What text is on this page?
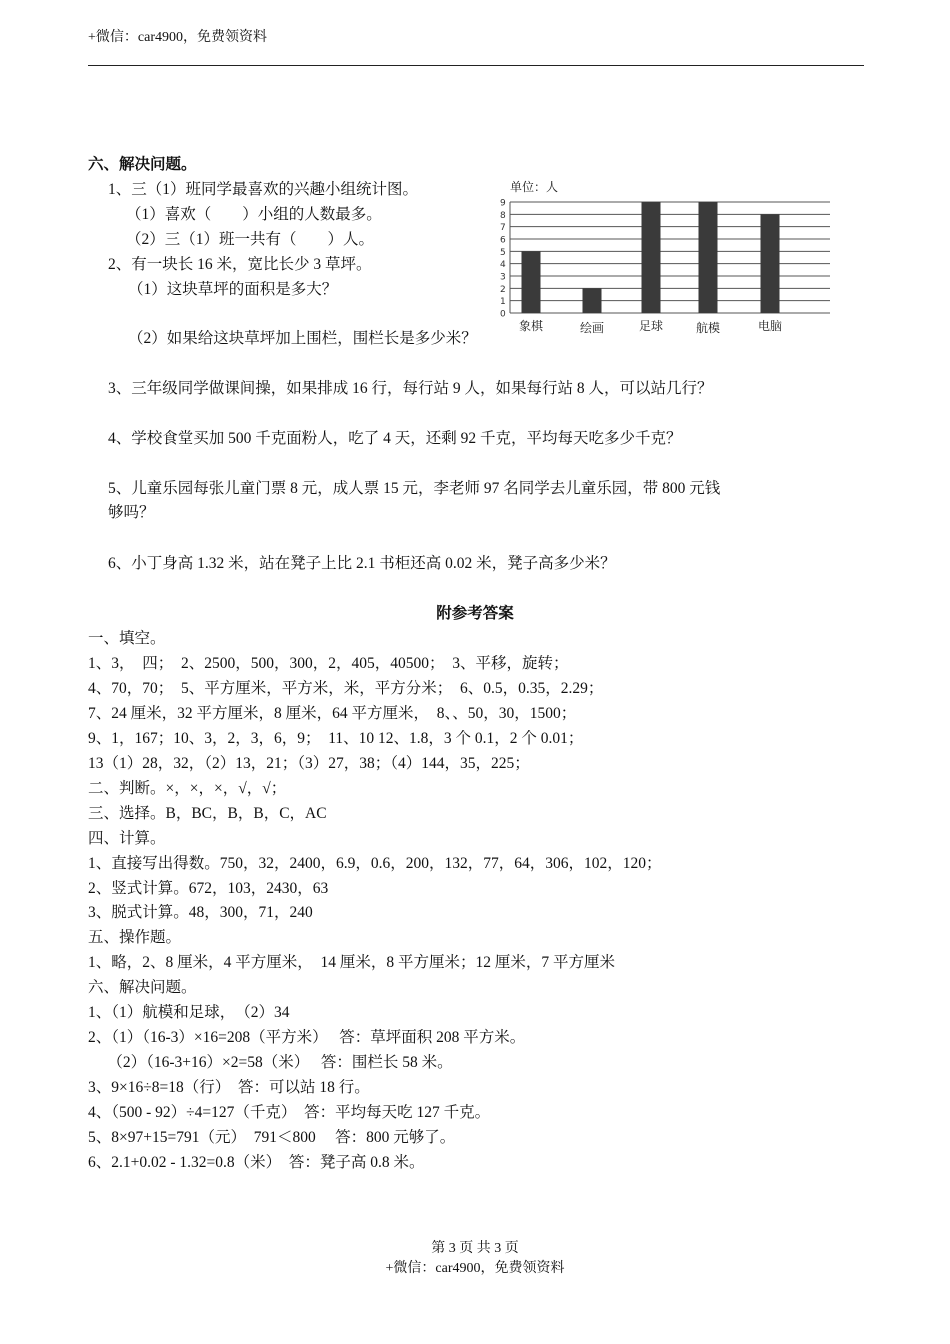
+微信：car4900，免费领资料
六、解决问题。
1、三（1）班同学最喜欢的兴趣小组统计图。
（1）喜欢（　　）小组的人数最多。
（2）三（1）班一共有（　　）人。
2、有一块长 16 米，宽比长少 3 草坪。
（1）这块草坪的面积是多大？
（2）如果给这块草坪加上围栏，围栏长是多少米？
3、三年级同学做课间操，如果排成 16 行，每行站 9 人，如果每行站 8 人，可以站几行？
4、学校食堂买加 500 千克面粉人，吃了 4 天，还剩 92 千克，平均每天吃多少千克？
5、儿童乐园每张儿童门票 8 元，成人票 15 元，李老师 97 名同学去儿童乐园，带 800 元钱
够吗？
6、小丁身高 1.32 米，站在凳子上比 2.1 书柜还高 0.02 米，凳子高多少米？
单位：人
0
1
2
3
4
5
6
7
8
9
象棋	绘画	足球	航模	电脑
附参考答案
一、填空。
1、3，　四；　2、2500，500，300，2，405，40500；　3、平移，旋转；
4、70，70；　5、平方厘米，平方米，米，平方分米；　6、0.5，0.35，2.29；
7、24 厘米，32 平方厘米，8 厘米，64 平方厘米，　8、、50，30，1500；
9、1，167；10、3，2，3，6，9；　11、10 12、1.8，3 个 0.1，2 个 0.01；
13（1）28，32，（2）13，21；（3）27，38；（4）144，35，225；
二、判断。×，×，×，√，√；
三、选择。B，BC，B，B，C，AC
四、计算。
1、直接写出得数。750，32，2400，6.9，0.6，200，132，77，64，306，102，120；
2、竖式计算。672，103，2430，63
3、脱式计算。48，300，71，240
五、操作题。
1、略，2、8 厘米，4 平方厘米，　14 厘米，8 平方厘米；12 厘米，7 平方厘米
六、解决问题。
1、（1）航模和足球，　（2）34
2、（1）（16-3）×16=208（平方米）　 答：草坪面积 208 平方米。
　 （2）（16-3+16）×2=58（米）　 答：围栏长 58 米。
3、9×16÷8=18（行）　答：可以站 18 行。
4、（500 - 92）÷4=127（千克）　答：平均每天吃 127 千克。
5、8×97+15=791（元）　791＜800　 答：800 元够了。
6、2.1+0.02 - 1.32=0.8（米）　答：凳子高 0.8 米。
第 3 页 共 3 页
+微信：car4900，免费领资料
